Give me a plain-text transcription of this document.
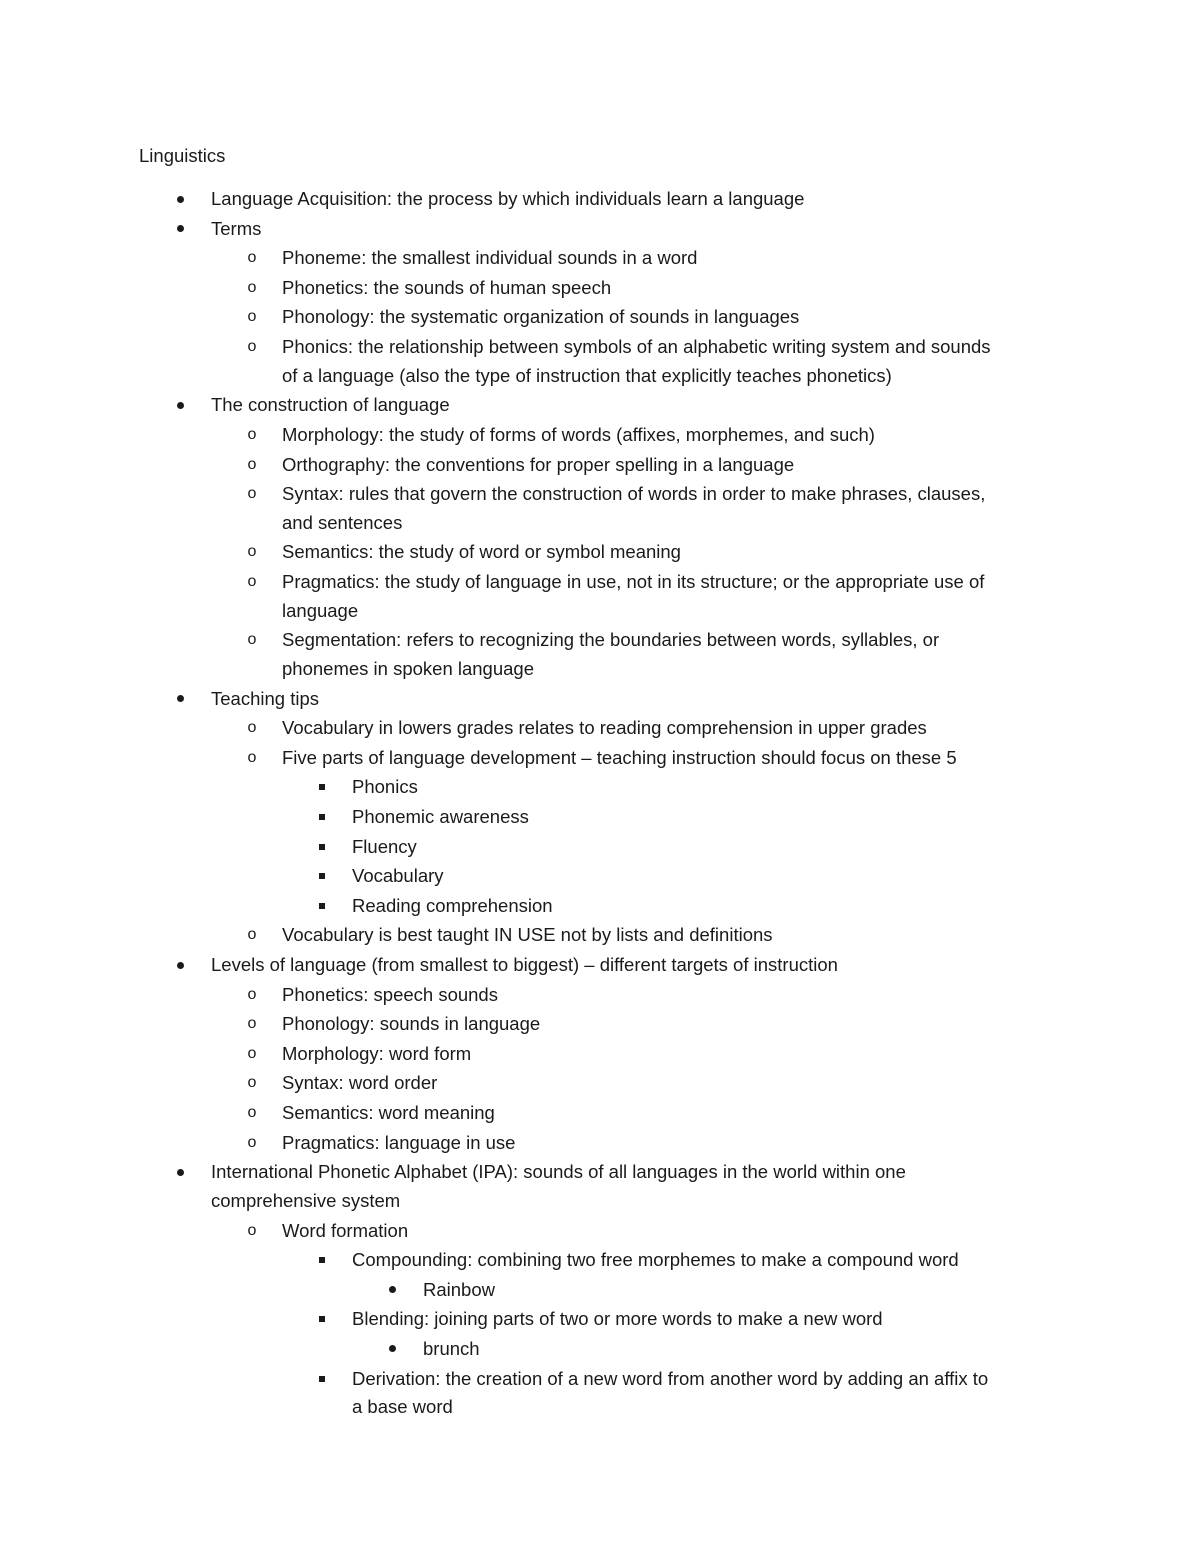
Linguistics
Language Acquisition: the process by which individuals learn a language
Terms
o Phoneme: the smallest individual sounds in a word
o Phonetics: the sounds of human speech
o Phonology: the systematic organization of sounds in languages
o Phonics: the relationship between symbols of an alphabetic writing system and sounds
of a language (also the type of instruction that explicitly teaches phonetics)
The construction of language
o Morphology: the study of forms of words (affixes, morphemes, and such)
o Orthography: the conventions for proper spelling in a language
o Syntax: rules that govern the construction of words in order to make phrases, clauses,
and sentences
o Semantics: the study of word or symbol meaning
o Pragmatics: the study of language in use, not in its structure; or the appropriate use of
language
o Segmentation: refers to recognizing the boundaries between words, syllables, or
phonemes in spoken language
Teaching tips
o Vocabulary in lowers grades relates to reading comprehension in upper grades
o Five parts of language development – teaching instruction should focus on these 5
Phonics
Phonemic awareness
Fluency
Vocabulary
Reading comprehension
o Vocabulary is best taught IN USE not by lists and definitions
Levels of language (from smallest to biggest) – different targets of instruction
o Phonetics: speech sounds
o Phonology: sounds in language
o Morphology: word form
o Syntax: word order
o Semantics: word meaning
o Pragmatics: language in use
International Phonetic Alphabet (IPA): sounds of all languages in the world within one
comprehensive system
o Word formation
Compounding: combining two free morphemes to make a compound word
Rainbow
Blending: joining parts of two or more words to make a new word
brunch
Derivation: the creation of a new word from another word by adding an affix to
a base word
